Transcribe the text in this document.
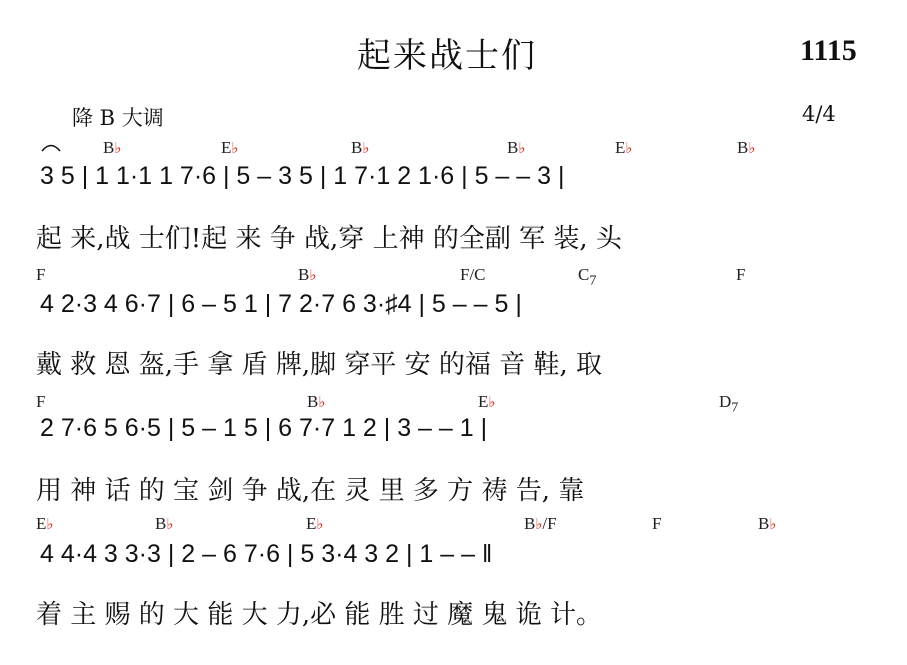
起来战士们	1115
降 B 大调	4/4
B♭	E♭	B♭	B♭	E♭	B♭
3 5 | 1 1·1 1 7·6 | 5 – 3 5 | 1 7·1 2 1·6 | 5 – – 3 |
起 来,战 士们!起 来 争 战,穿 上神 的全副 军 装, 头
F	B♭	F/C	$C_7$	F
4 2·3 4 6·7 | 6 – 5 1 | 7 2·7 6 3·♯4 | 5 – – 5 |
戴 救 恩 盔,手 拿 盾 牌,脚 穿平 安 的福 音 鞋, 取
F	B♭	E♭	$D_7$
2 7·6 5 6·5 | 5 – 1 5 | 6 7·7 1 2 | 3 – – 1 |
用 神 话 的 宝 剑 争 战,在 灵 里 多 方 祷 告, 靠
E♭	B♭	E♭	B♭/F	F	B♭
4 4·4 3 3·3 | 2 – 6 7·6 | 5 3·4 3 2 | 1 – – ‖
着 主 赐 的 大 能 大 力,必 能 胜 过 魔 鬼 诡 计。
